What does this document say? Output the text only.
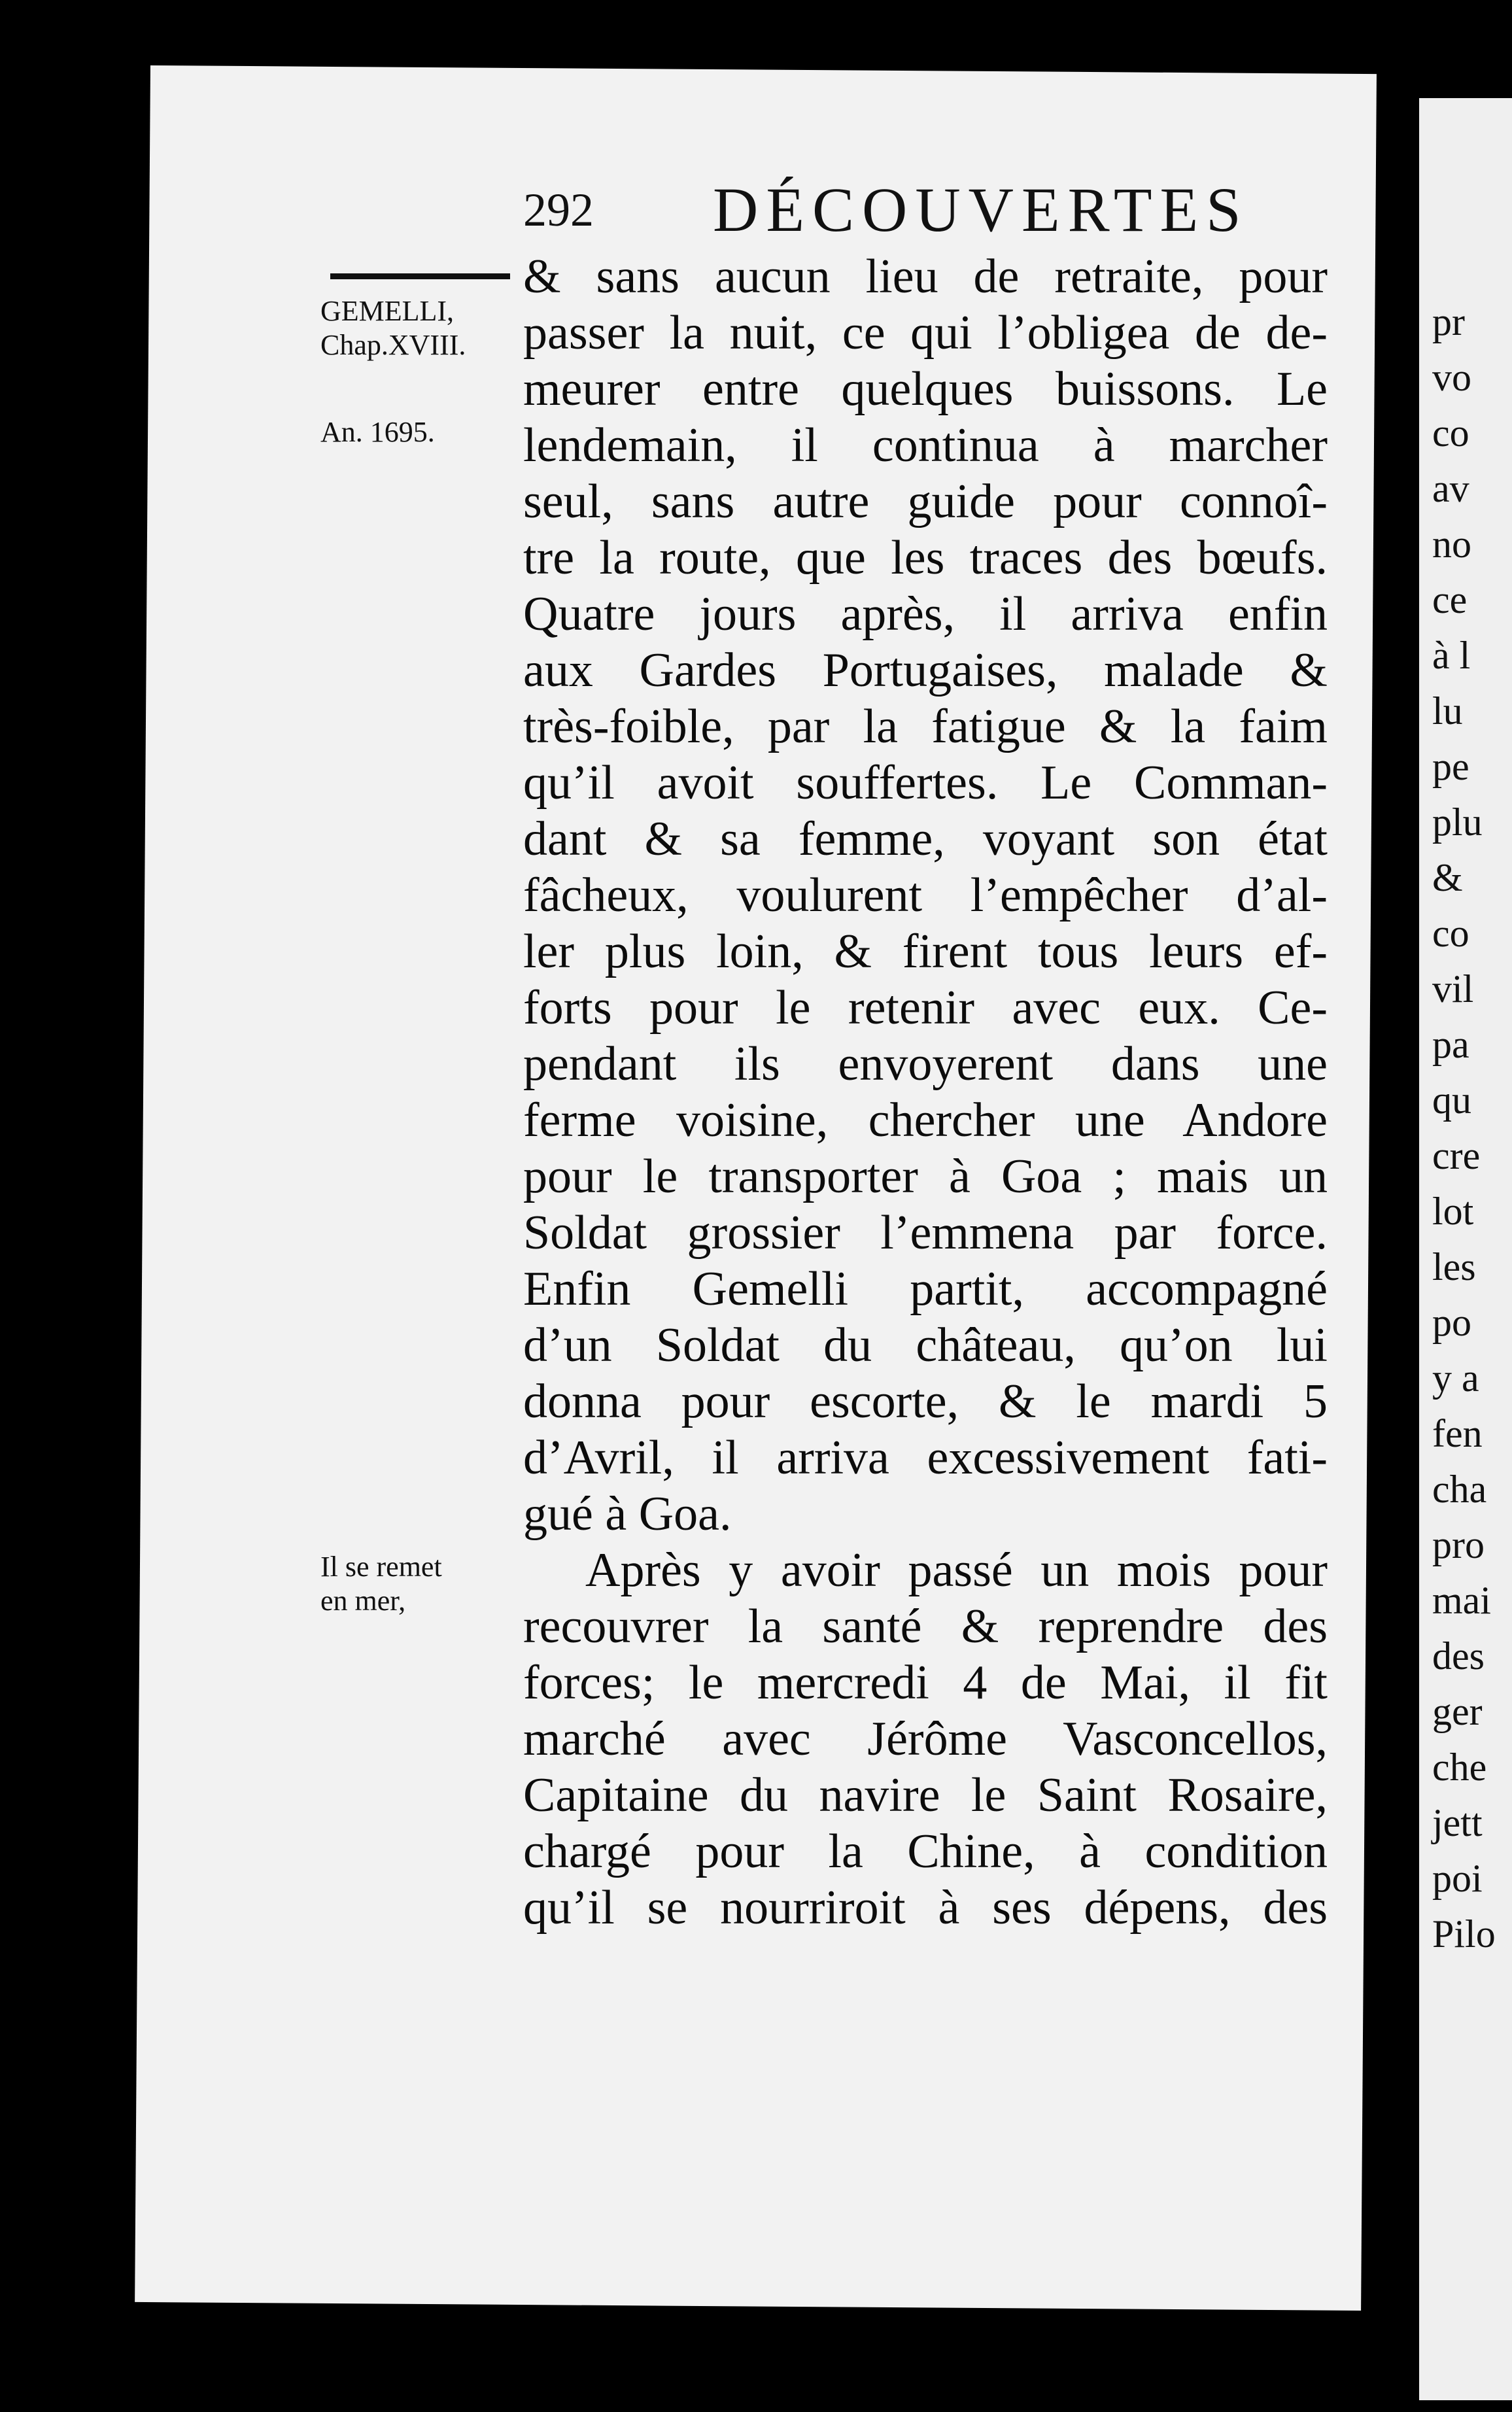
292 DÉCOUVERTES
GEMELLI,
Chap.XVIII.
An. 1695.
Il se remet
en mer,
& sans aucun lieu de retraite, pour
passer la nuit, ce qui l’obligea de de-
meurer entre quelques buissons. Le
lendemain, il continua à marcher
seul, sans autre guide pour connoî-
tre la route, que les traces des bœufs.
Quatre jours après, il arriva enfin
aux Gardes Portugaises, malade &
très-foible, par la fatigue & la faim
qu’il avoit souffertes. Le Comman-
dant & sa femme, voyant son état
fâcheux, voulurent l’empêcher d’al-
ler plus loin, & firent tous leurs ef-
forts pour le retenir avec eux. Ce-
pendant ils envoyerent dans une
ferme voisine, chercher une Andore
pour le transporter à Goa ; mais un
Soldat grossier l’emmena par force.
Enfin Gemelli partit, accompagné
d’un Soldat du château, qu’on lui
donna pour escorte, & le mardi 5
d’Avril, il arriva excessivement fati-
gué à Goa.
Après y avoir passé un mois pour
recouvrer la santé & reprendre des
forces; le mercredi 4 de Mai, il fit
marché avec Jérôme Vasconcellos,
Capitaine du navire le Saint Rosaire,
chargé pour la Chine, à condition
qu’il se nourriroit à ses dépens, des
pr
vo
co
av
no
ce
à l
lu
pe
plu
&
co
vil
pa
qu
cre
lot
les
po
y a
fen
cha
pro
mai
des
ger
che
jett
poi
Pilo
